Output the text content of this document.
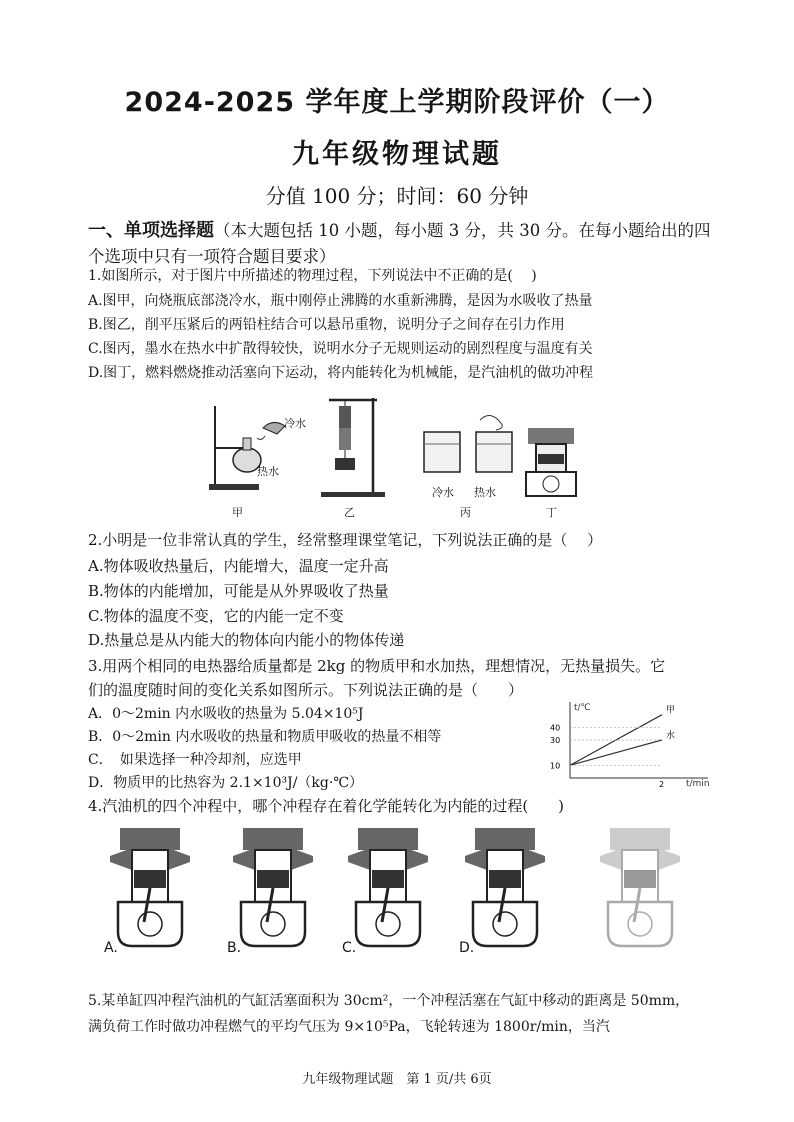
2024-2025 学年度上学期阶段评价（一）
九年级物理试题
分值 100 分；时间：60 分钟
一、单项选择题（本大题包括 10 小题，每小题 3 分，共 30 分。在每小题给出的四个选项中只有一项符合题目要求）
1.如图所示，对于图片中所描述的物理过程，下列说法中不正确的是(　 )
A.图甲，向烧瓶底部浇冷水，瓶中刚停止沸腾的水重新沸腾，是因为水吸收了热量
B.图乙，削平压紧后的两铅柱结合可以悬吊重物，说明分子之间存在引力作用
C.图丙，墨水在热水中扩散得较快，说明水分子无规则运动的剧烈程度与温度有关
D.图丁，燃料燃烧推动活塞向下运动，将内能转化为机械能，是汽油机的做功冲程
冷水
热水
冷水 热水
甲	乙	丙	丁
2.小明是一位非常认真的学生，经常整理课堂笔记，下列说法正确的是（　 ）
A.物体吸收热量后，内能增大，温度一定升高
B.物体的内能增加，可能是从外界吸收了热量
C.物体的温度不变，它的内能一定不变
D.热量总是从内能大的物体向内能小的物体传递
3.用两个相同的电热器给质量都是 2kg 的物质甲和水加热，理想情况，无热量损失。它
们的温度随时间的变化关系如图所示。下列说法正确的是（　　）
A．0～2min 内水吸收的热量为 5.04×10⁵J
B．0～2min 内水吸收的热量和物质甲吸收的热量不相等
C．　如果选择一种冷却剂，应选甲
D．物质甲的比热容为 2.1×10³J/（kg·℃）
t/℃
t/min
甲
水
10
30
40
2
4.汽油机的四个冲程中，哪个冲程存在着化学能转化为内能的过程(　　)
A.	B.	C.	D.
5.某单缸四冲程汽油机的气缸活塞面积为 30cm²，一个冲程活塞在气缸中移动的距离是 50mm，满负荷工作时做功冲程燃气的平均气压为 9×10⁵Pa，飞轮转速为 1800r/min，当汽
九年级物理试题　第 1 页/共 6页
